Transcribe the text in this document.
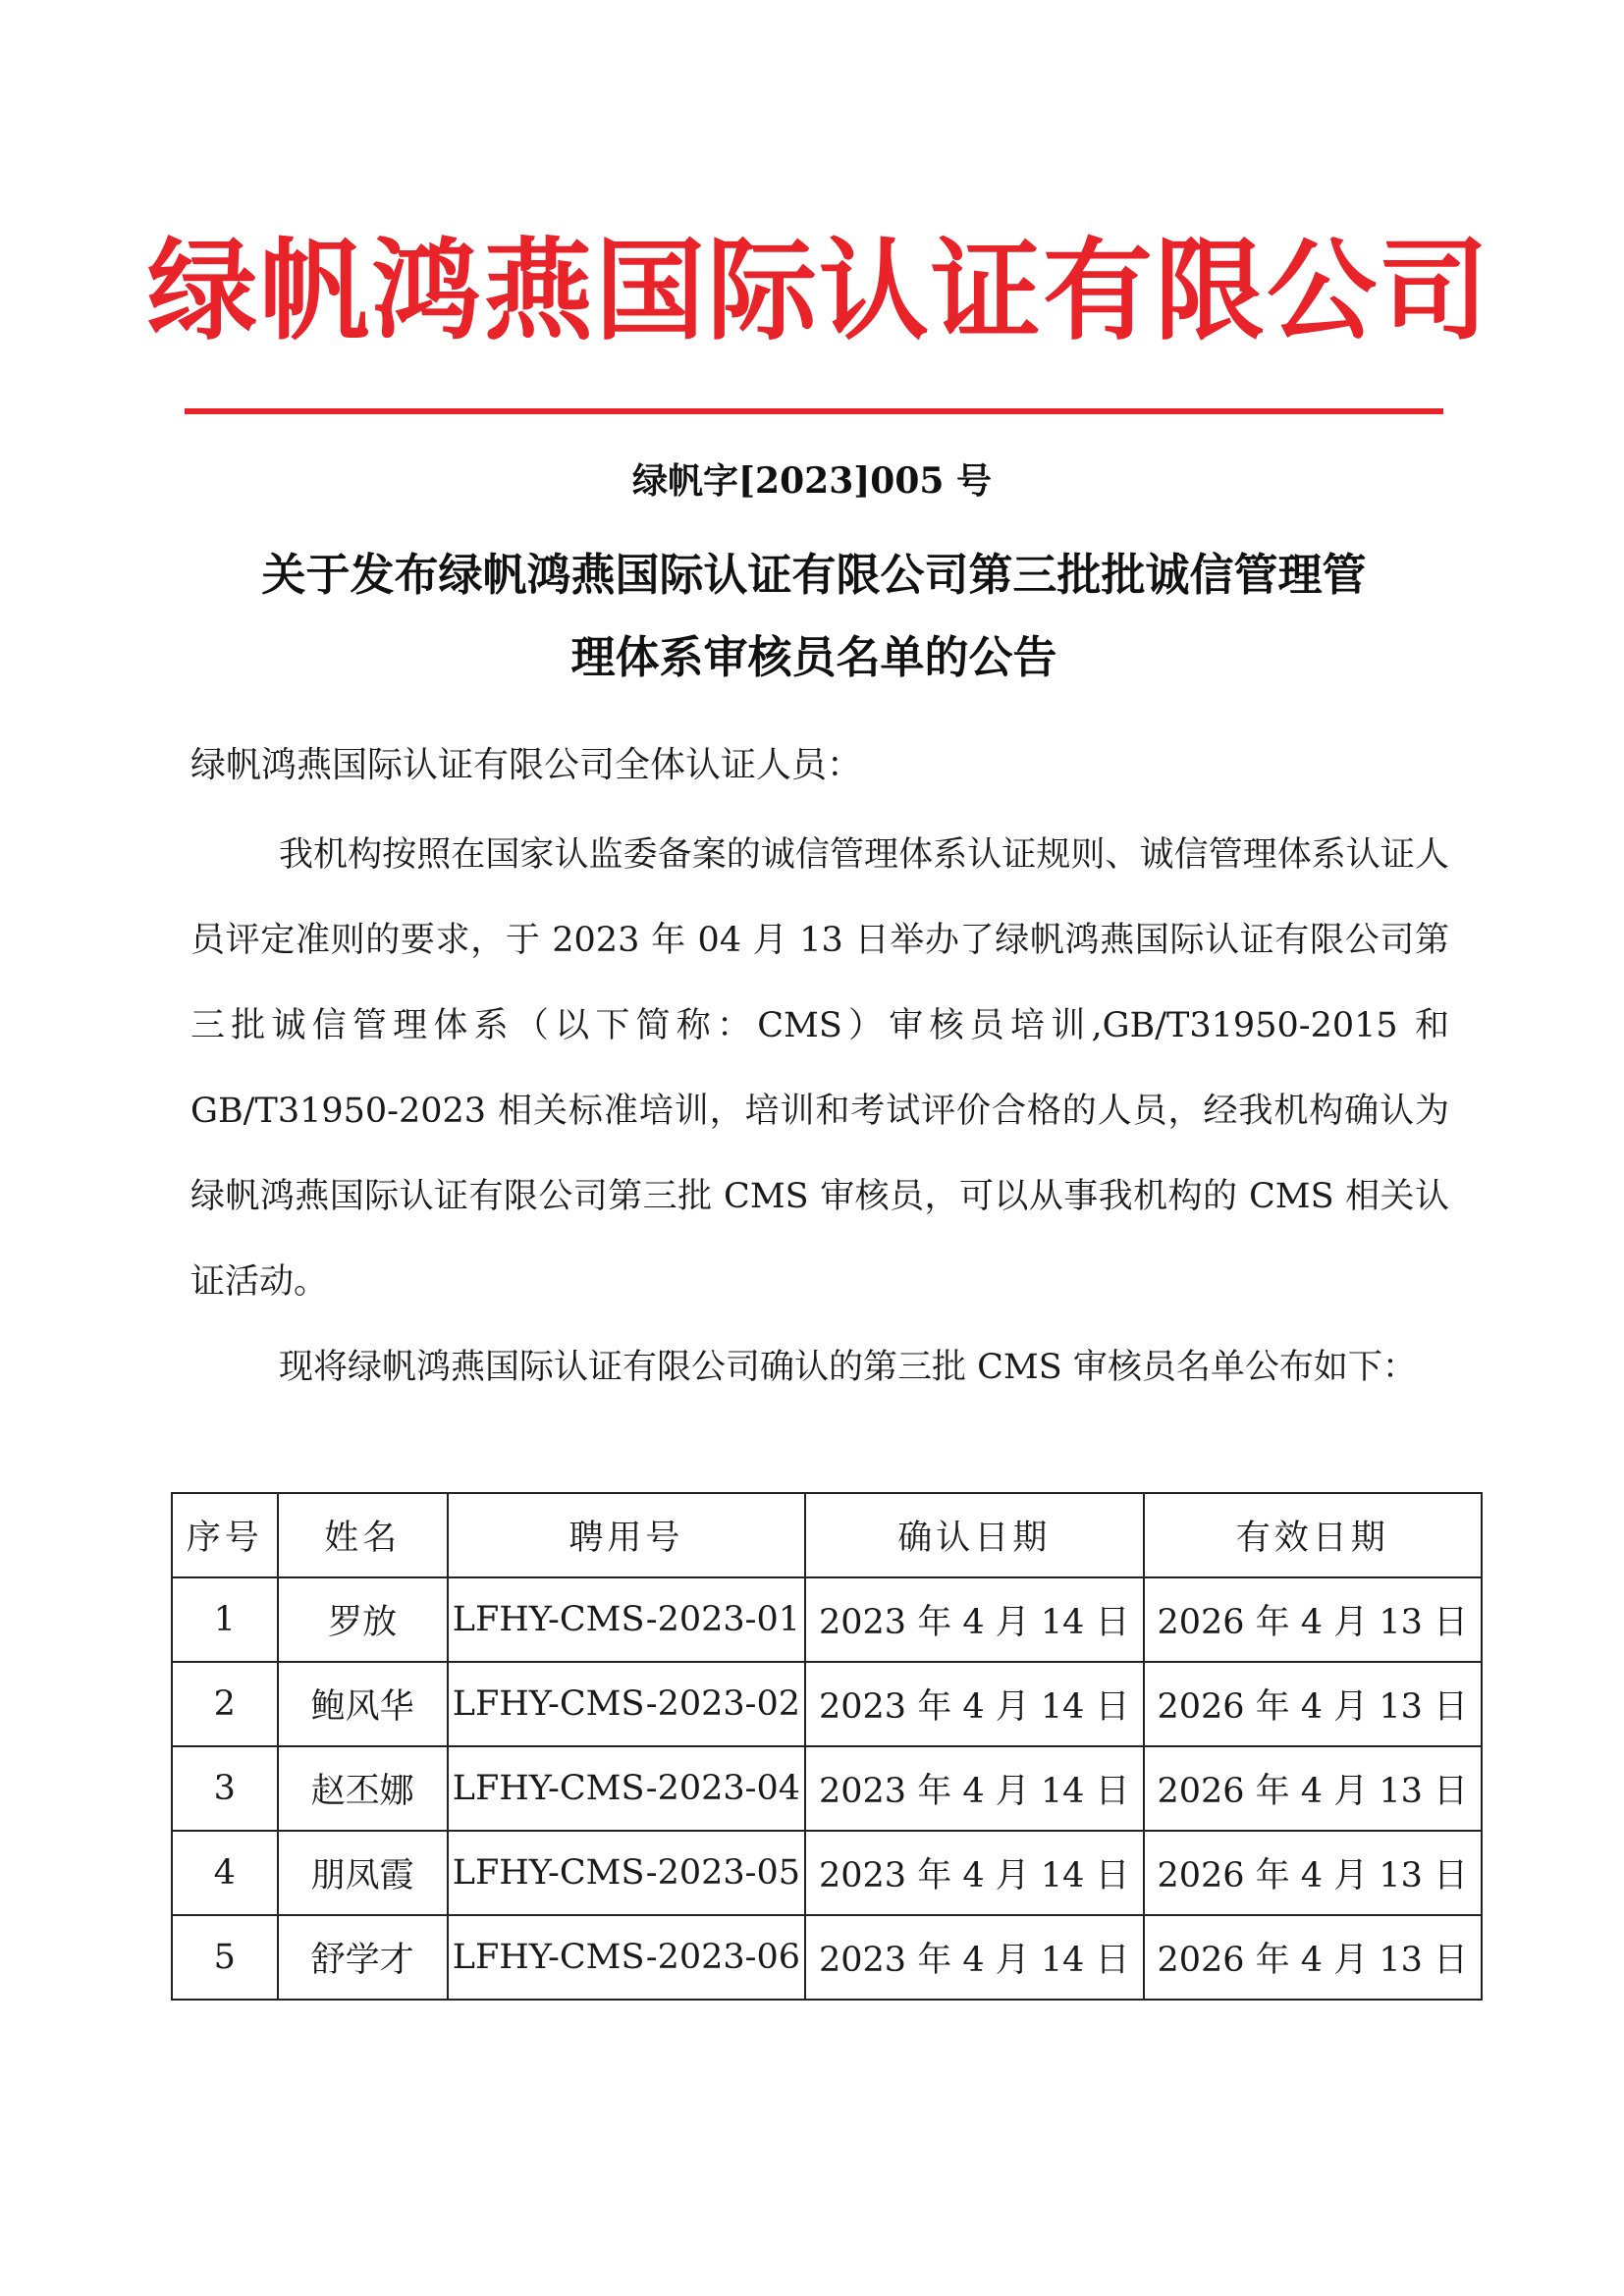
绿帆鸿燕国际认证有限公司
绿帆字[2023]005 号
关于发布绿帆鸿燕国际认证有限公司第三批批诚信管理管
理体系审核员名单的公告
绿帆鸿燕国际认证有限公司全体认证人员：

我机构按照在国家认监委备案的诚信管理体系认证规则、诚信管理体系认证人员评定准则的要求，于 2023 年 04 月 13 日举办了绿帆鸿燕国际认证有限公司第三批诚信管理体系（以下简称：CMS）审核员培训,GB/T31950-2015 和 GB/T31950-2023 相关标准培训，培训和考试评价合格的人员，经我机构确认为绿帆鸿燕国际认证有限公司第三批 CMS 审核员，可以从事我机构的 CMS 相关认证活动。

现将绿帆鸿燕国际认证有限公司确认的第三批 CMS 审核员名单公布如下：

序号	姓名	聘用号	确认日期	有效日期
1	罗放	LFHY-CMS-2023-01	2023 年 4 月 14 日	2026 年 4 月 13 日
2	鲍风华	LFHY-CMS-2023-02	2023 年 4 月 14 日	2026 年 4 月 13 日
3	赵丕娜	LFHY-CMS-2023-04	2023 年 4 月 14 日	2026 年 4 月 13 日
4	朋凤霞	LFHY-CMS-2023-05	2023 年 4 月 14 日	2026 年 4 月 13 日
5	舒学才	LFHY-CMS-2023-06	2023 年 4 月 14 日	2026 年 4 月 13 日
